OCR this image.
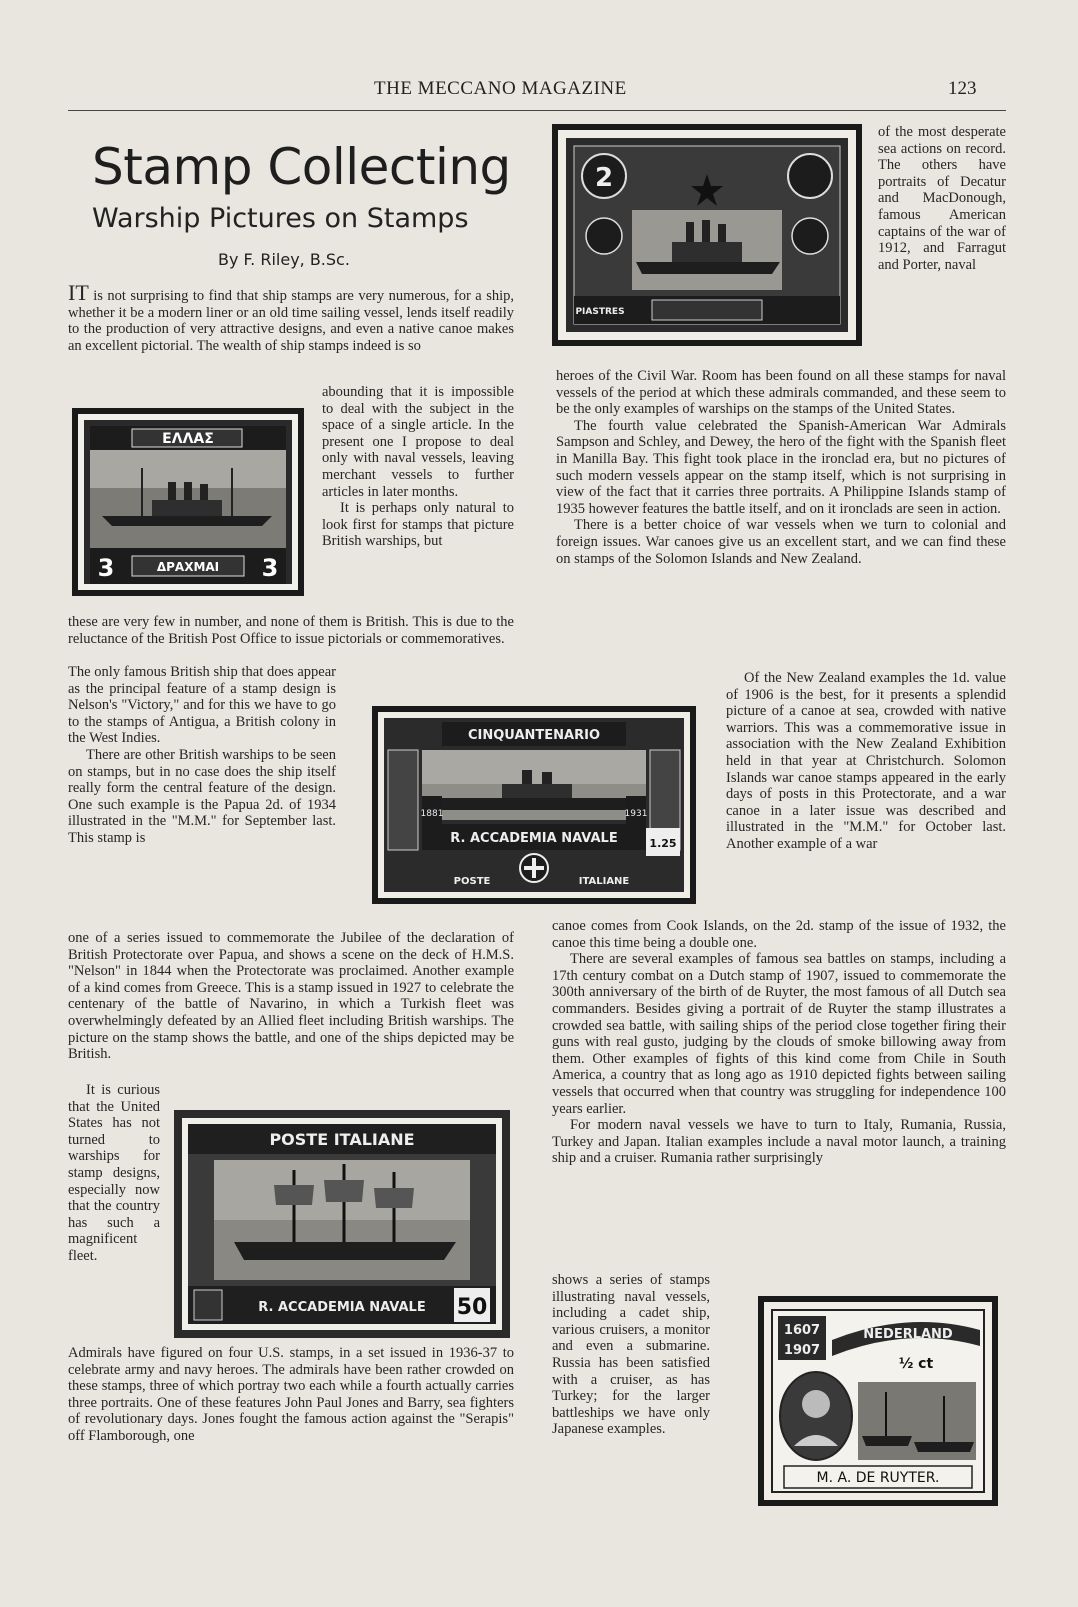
THE MECCANO MAGAZINE	123
Stamp Collecting
Warship Pictures on Stamps
By F. Riley, B.Sc.

IT is not surprising to find that ship stamps are very numerous, for a ship, whether it be a modern liner or an old time sailing vessel, lends itself readily to the production of very attractive designs, and even a native canoe makes an excellent pictorial. The wealth of ship stamps indeed is so

ΕΛΛΑΣ
3	3
ΔΡΑΧΜΑΙ

abounding that it is impossible to deal with the subject in the space of a single article. In the present one I propose to deal only with naval vessels, leaving merchant vessels to further articles in later months.

It is perhaps only natural to look first for stamps that picture British warships, but

these are very few in number, and none of them is British. This is due to the reluctance of the British Post Office to issue pictorials or commemoratives.

The only famous British ship that does appear as the principal feature of a stamp design is Nelson's "Victory," and for this we have to go to the stamps of Antigua, a British colony in the West Indies.

There are other British warships to be seen on stamps, but in no case does the ship itself really form the central feature of the design. One such example is the Papua 2d. of 1934 illustrated in the "M.M." for September last. This stamp is

one of a series issued to commemorate the Jubilee of the declaration of British Protectorate over Papua, and shows a scene on the deck of H.M.S. "Nelson" in 1844 when the Protectorate was proclaimed. Another example of a kind comes from Greece. This is a stamp issued in 1927 to celebrate the centenary of the battle of Navarino, in which a Turkish fleet was overwhelmingly defeated by an Allied fleet including British warships. The picture on the stamp shows the battle, and one of the ships depicted may be British.

It is curious that the United States has not turned to warships for stamp designs, especially now that the country has such a magnificent fleet.

POSTE ITALIANE
R. ACCADEMIA NAVALE 50

Admirals have figured on four U.S. stamps, in a set issued in 1936-37 to celebrate army and navy heroes. The admirals have been rather crowded on these stamps, three of which portray two each while a fourth actually carries three portraits. One of these features John Paul Jones and Barry, sea fighters of revolutionary days. Jones fought the famous action against the "Serapis" off Flamborough, one

2
PIASTRES

of the most desperate sea actions on record. The others have portraits of Decatur and MacDonough, famous American captains of the war of 1912, and Farragut and Porter, naval

heroes of the Civil War. Room has been found on all these stamps for naval vessels of the period at which these admirals commanded, and these seem to be the only examples of warships on the stamps of the United States.

The fourth value celebrated the Spanish-American War Admirals Sampson and Schley, and Dewey, the hero of the fight with the Spanish fleet in Manilla Bay. This fight took place in the ironclad era, but no pictures of such modern vessels appear on the stamp itself, which is not surprising in view of the fact that it carries three portraits. A Philippine Islands stamp of 1935 however features the battle itself, and on it ironclads are seen in action.

There is a better choice of war vessels when we turn to colonial and foreign issues. War canoes give us an excellent start, and we can find these on stamps of the Solomon Islands and New Zealand.

CINQUANTENARIO
1881	1931
R. ACCADEMIA NAVALE	1.25
POSTE	ITALIANE

Of the New Zealand examples the 1d. value of 1906 is the best, for it presents a splendid picture of a canoe at sea, crowded with native warriors. This was a commemorative issue in association with the New Zealand Exhibition held in that year at Christchurch. Solomon Islands war canoe stamps appeared in the early days of posts in this Protectorate, and a war canoe in a later issue was described and illustrated in the "M.M." for October last. Another example of a war

canoe comes from Cook Islands, on the 2d. stamp of the issue of 1932, the canoe this time being a double one.

There are several examples of famous sea battles on stamps, including a 17th century combat on a Dutch stamp of 1907, issued to commemorate the 300th anniversary of the birth of de Ruyter, the most famous of all Dutch sea commanders. Besides giving a portrait of de Ruyter the stamp illustrates a crowded sea battle, with sailing ships of the period close together firing their guns with real gusto, judging by the clouds of smoke billowing away from them. Other examples of fights of this kind come from Chile in South America, a country that as long ago as 1910 depicted fights between sailing vessels that occurred when that country was struggling for independence 100 years earlier.

For modern naval vessels we have to turn to Italy, Rumania, Russia, Turkey and Japan. Italian examples include a naval motor launch, a training ship and a cruiser. Rumania rather surprisingly

shows a series of stamps illustrating naval vessels, including a cadet ship, various cruisers, a monitor and even a submarine. Russia has been satisfied with a cruiser, as has Turkey; for the larger battleships we have only Japanese examples.

1607
1907
NEDERLAND
½ ct
M. A. DE RUYTER.
